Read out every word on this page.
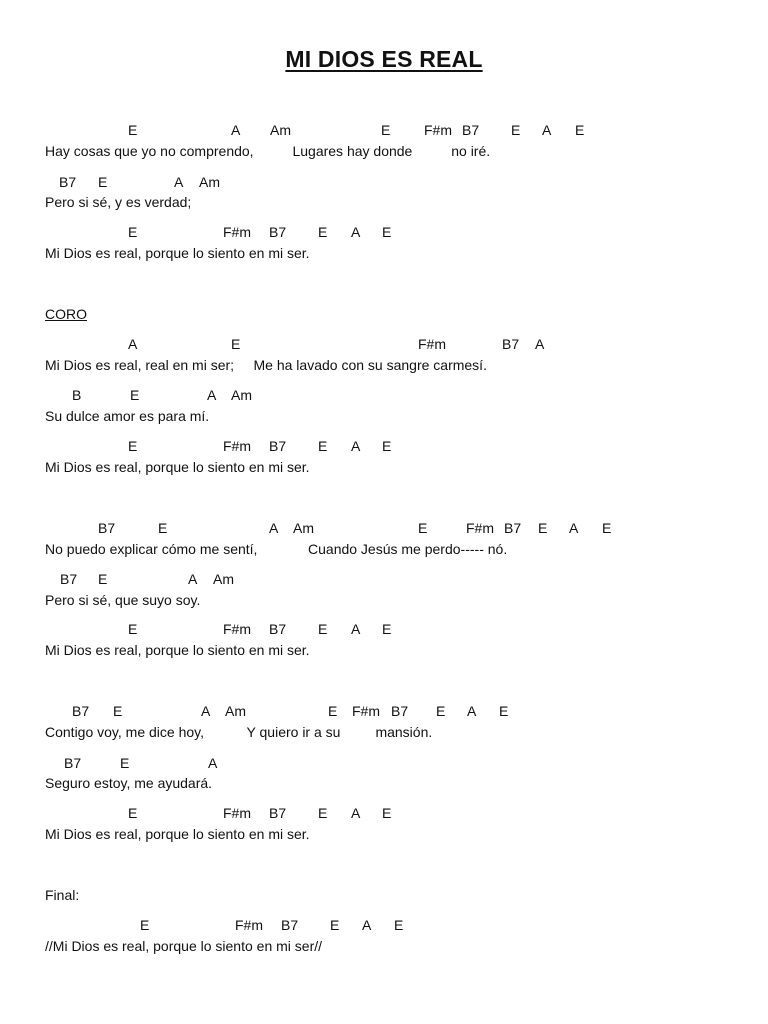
MI DIOS ES REAL
E	A Am	E F#m B7 E A E
Hay cosas que yo no comprendo,          Lugares hay donde          no iré.
B7 E	A Am
Pero si sé, y es verdad;
E	F#m B7 E A E
Mi Dios es real, porque lo siento en mi ser.
CORO
A	E	F#m	B7 A
Mi Dios es real, real en mi ser;     Me ha lavado con su sangre carmesí.
B	E	A Am
Su dulce amor es para mí.
E	F#m B7 E A E
Mi Dios es real, porque lo siento en mi ser.
B7	E	A Am	E	F#m B7 E A E
No puedo explicar cómo me sentí,             Cuando Jesús me perdo----- nó.
B7 E	A Am
Pero si sé, que suyo soy.
E	F#m B7 E A E
Mi Dios es real, porque lo siento en mi ser.
B7 E	A Am	E F#m B7 E A E
Contigo voy, me dice hoy,           Y quiero ir a su         mansión.
B7	E	A
Seguro estoy, me ayudará.
E	F#m B7 E A E
Mi Dios es real, porque lo siento en mi ser.
Final:
E	F#m B7 E A E
//Mi Dios es real, porque lo siento en mi ser//
